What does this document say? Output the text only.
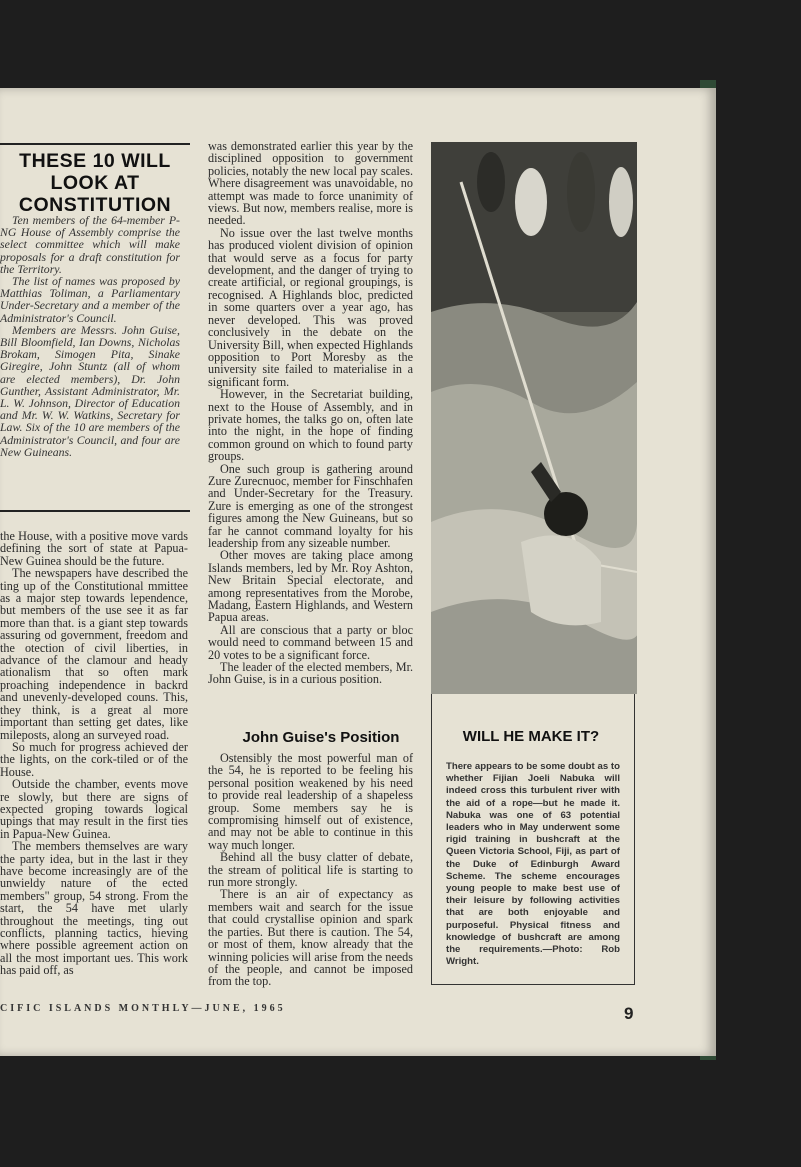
THESE 10 WILL
LOOK AT
CONSTITUTION

Ten members of the 64-member P-NG House of Assembly comprise the select committee which will make proposals for a draft constitution for the Territory.

The list of names was proposed by Matthias Toliman, a Parliamentary Under-Secretary and a member of the Administrator's Council.

Members are Messrs. John Guise, Bill Bloomfield, Ian Downs, Nicholas Brokam, Simogen Pita, Sinake Giregire, John Stuntz (all of whom are elected members), Dr. John Gunther, Assistant Administrator, Mr. L. W. Johnson, Director of Education and Mr. W. W. Watkins, Secretary for Law. Six of the 10 are members of the Administrator's Council, and four are New Guineans.

the House, with a positive move vards defining the sort of state at Papua-New Guinea should be the future.

The newspapers have described the ting up of the Constitutional mmittee as a major step towards lependence, but members of the use see it as far more than that. is a giant step towards assuring od government, freedom and the otection of civil liberties, in advance of the clamour and heady ationalism that so often mark proaching independence in backrd and unevenly-developed couns. This, they think, is a great al more important than setting get dates, like mileposts, along an surveyed road.

So much for progress achieved der the lights, on the cork-tiled or of the House.

Outside the chamber, events move re slowly, but there are signs of expected groping towards logical upings that may result in the first ties in Papua-New Guinea.

The members themselves are wary the party idea, but in the last ir they have become increasingly are of the unwieldy nature of the ected members" group, 54 strong. From the start, the 54 have met ularly throughout the meetings, ting out conflicts, planning tactics, hieving where possible agreement action on all the most important ues. This work has paid off, as

was demonstrated earlier this year by the disciplined opposition to government policies, notably the new local pay scales. Where disagreement was unavoidable, no attempt was made to force unanimity of views. But now, members realise, more is needed.

No issue over the last twelve months has produced violent division of opinion that would serve as a focus for party development, and the danger of trying to create artificial, or regional groupings, is recognised. A Highlands bloc, predicted in some quarters over a year ago, has never developed. This was proved conclusively in the debate on the University Bill, when expected Highlands opposition to Port Moresby as the university site failed to materialise in a significant form.

However, in the Secretariat building, next to the House of Assembly, and in private homes, the talks go on, often late into the night, in the hope of finding common ground on which to found party groups.

One such group is gathering around Zure Zurecnuoc, member for Finschhafen and Under-Secretary for the Treasury. Zure is emerging as one of the strongest figures among the New Guineans, but so far he cannot command loyalty for his leadership from any sizeable number.

Other moves are taking place among Islands members, led by Mr. Roy Ashton, New Britain Special electorate, and among representatives from the Morobe, Madang, Eastern Highlands, and Western Papua areas.

All are conscious that a party or bloc would need to command between 15 and 20 votes to be a significant force.

The leader of the elected members, Mr. John Guise, is in a curious position.

John Guise's Position

Ostensibly the most powerful man of the 54, he is reported to be feeling his personal position weakened by his need to provide real leadership of a shapeless group. Some members say he is compromising himself out of existence, and may not be able to continue in this way much longer.

Behind all the busy clatter of debate, the stream of political life is starting to run more strongly.

There is an air of expectancy as members wait and search for the issue that could crystallise opinion and spark the parties. But there is caution. The 54, or most of them, know already that the winning policies will arise from the needs of the people, and cannot be imposed from the top.

WILL HE MAKE IT?
There appears to be some doubt as to whether Fijian Joeli Nabuka will indeed cross this turbulent river with the aid of a rope—but he made it. Nabuka was one of 63 potential leaders who in May underwent some rigid training in bushcraft at the Queen Victoria School, Fiji, as part of the Duke of Edinburgh Award Scheme. The scheme encourages young people to make best use of their leisure by following activities that are both enjoyable and purposeful. Physical fitness and knowledge of bushcraft are among the requirements.—Photo: Rob Wright.
CIFIC ISLANDS MONTHLY—JUNE, 1965	9
